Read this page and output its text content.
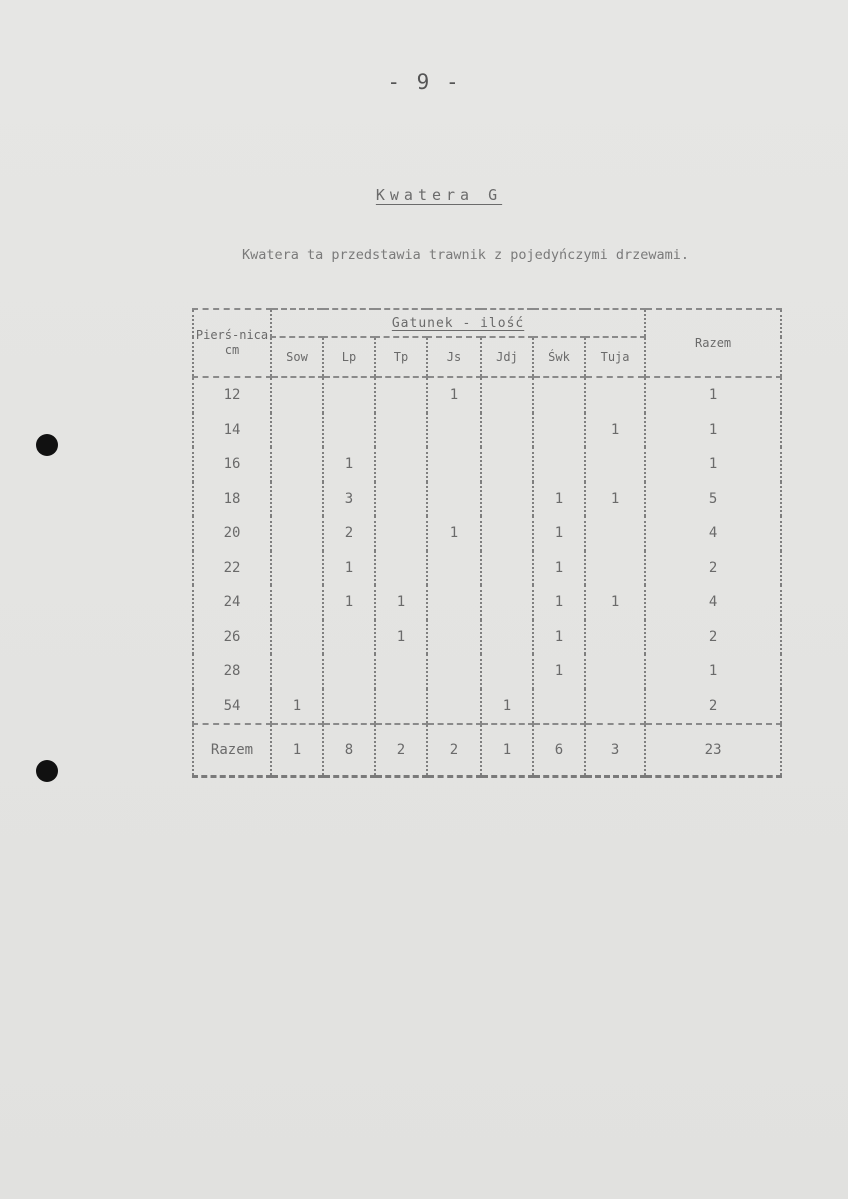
- 9 -
Kwatera G
Kwatera ta przedstawia trawnik z pojedyńczymi drzewami.
Pierś-nica cm	Gatunek - ilość							Razem
	Sow	Lp	Tp	Js	Jdj	Śwk	Tuja	
12				1				1
14							1	1
16		1						1
18		3				1	1	5
20		2		1		1		4
22		1				1		2
24		1	1			1	1	4
26			1			1		2
28						1		1
54	1				1			2
Razem	1	8	2	2	1	6	3	23
